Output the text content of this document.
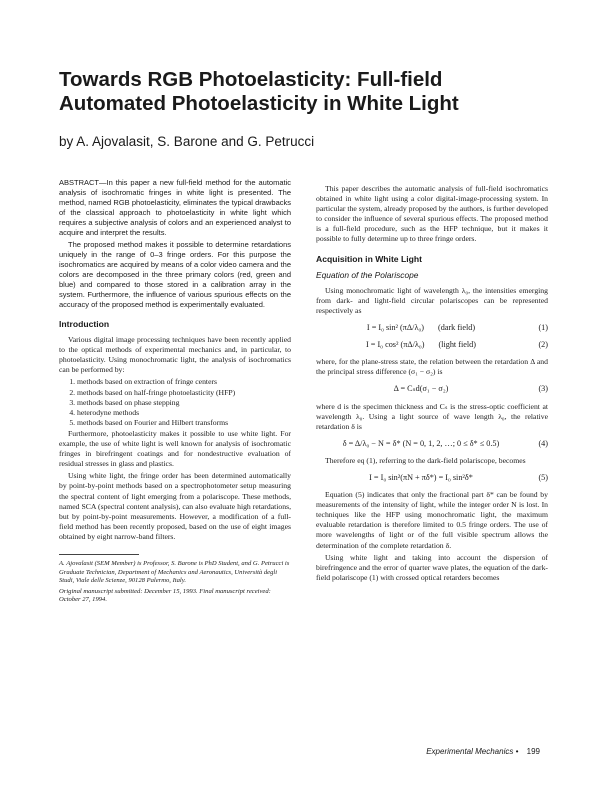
Towards RGB Photoelasticity: Full-field Automated Photoelasticity in White Light
by A. Ajovalasit, S. Barone and G. Petrucci

ABSTRACT—In this paper a new full-field method for the automatic analysis of isochromatic fringes in white light is presented. The method, named RGB photoelasticity, eliminates the typical drawbacks of the classical approach to photoelasticity in white light which requires a subjective analysis of colors and an experienced analyst to acquire and interpret the results.

The proposed method makes it possible to determine retardations uniquely in the range of 0–3 fringe orders. For this purpose the isochromatics are acquired by means of a color video camera and the colors are decomposed in the three primary colors (red, green and blue) and compared to those stored in a calibration array in the system. Furthermore, the influence of various spurious effects on the accuracy of the proposed method is experimentally evaluated.

Introduction

Various digital image processing techniques have been recently applied to the optical methods of experimental mechanics and, in particular, to photoelasticity. Using monochromatic light, the analysis of isochromatics can be performed by:

1. methods based on extraction of fringe centers
2. methods based on half-fringe photoelasticity (HFP)
3. methods based on phase stepping
4. heterodyne methods
5. methods based on Fourier and Hilbert transforms

Furthermore, photoelasticity makes it possible to use white light. For example, the use of white light is well known for analysis of isochromatic fringes in birefringent coatings and for nondestructive evaluation of residual stresses in glass and plastics.

Using white light, the fringe order has been determined automatically by point-by-point methods based on a spectrophotometer setup measuring the spectral content of light emerging from a polariscope. These methods, named SCA (spectral content analysis), can also evaluate high retardations, but by point-by-point measurements. However, a modification of a full-field method has been recently proposed, based on the use of eight images obtained by eight narrow-band filters.

A. Ajovalasit (SEM Member) is Professor, S. Barone is PhD Student, and G. Petrucci is Graduate Technician, Department of Mechanics and Aeronautics, Università degli Studi, Viale delle Scienze, 90128 Palermo, Italy.

Original manuscript submitted: December 15, 1993. Final manuscript received: October 27, 1994.

This paper describes the automatic analysis of full-field isochromatics obtained in white light using a color digital-image-processing system. In particular the system, already proposed by the authors, is further developed to consider the influence of several spurious effects. The proposed method is a full-field procedure, such as the HFP technique, but it makes it possible to fully determine up to three fringe orders.

Acquisition in White Light
Equation of the Polariscope

Using monochromatic light of wavelength λ₀, the intensities emerging from dark- and light-field circular polariscopes can be represented respectively as

I = I₀ sin² (πΔ/λ₀) (dark field)	(1)
I = I₀ cos² (πΔ/λ₀) (light field)	(2)

where, for the plane-stress state, the relation between the retardation Δ and the principal stress difference (σ₁ − σ₂) is

Δ = Cₛd(σ₁ − σ₂)	(3)

where d is the specimen thickness and Cₛ is the stress-optic coefficient at wavelength λ₀. Using a light source of wave length λ₀, the relative retardation δ is

δ = Δ/λ₀ − N = δ* (N = 0, 1, 2, …; 0 ≤ δ* ≤ 0.5)	(4)

Therefore eq (1), referring to the dark-field polariscope, becomes

I = I₀ sin²(πN + πδ*) = I₀ sin²δ*	(5)

Equation (5) indicates that only the fractional part δ* can be found by measurements of the intensity of light, while the integer order N is lost. In techniques like the HFP using monochromatic light, the maximum evaluable retardation is therefore limited to 0.5 fringe orders. The use of more wavelengths of light or of the full visible spectrum allows the determination of the complete retardation δ.

Using white light and taking into account the dispersion of birefringence and the error of quarter wave plates, the equation of the dark-field polariscope (1) with crossed optical retarders becomes

Experimental Mechanics • 199
